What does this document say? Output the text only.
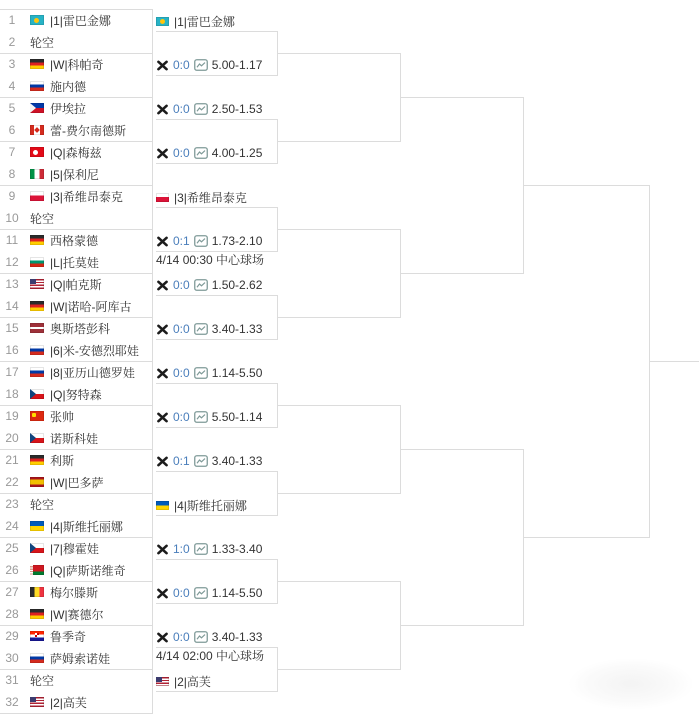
1	|1|雷巴金娜
2	轮空
3	|W|科帕奇
4	施内德
5	伊埃拉
6	蕾-费尔南德斯
7	|Q|森梅兹
8	|5|保利尼
9	|3|希维昂泰克
10 轮空
11	西格蒙德
12	|L|托莫娃
13	|Q|帕克斯
14	|W|诺哈-阿库古
15	奥斯塔彭科
16	|6|米-安德烈耶娃
17	|8|亚历山德罗娃
18	|Q|努特森
19	张帅
20	诺斯科娃
21	利斯
22	|W|巴多萨
23 轮空
24	|4|斯维托丽娜
25	|7|穆霍娃
26	|Q|萨斯诺维奇
27	梅尔滕斯
28	|W|赛德尔
29	鲁季奇
30	萨姆索诺娃
31 轮空
32	|2|高芙
|1|雷巴金娜
0:0 5.00-1.17
0:0 2.50-1.53
0:0 4.00-1.25
|3|希维昂泰克
0:1 1.73-2.10
4/14 00:30 中心球场
0:0 1.50-2.62
0:0 3.40-1.33
0:0 1.14-5.50
0:0 5.50-1.14
0:1 3.40-1.33
|4|斯维托丽娜
1:0 1.33-3.40
0:0 1.14-5.50
0:0 3.40-1.33
4/14 02:00 中心球场
|2|高芙
